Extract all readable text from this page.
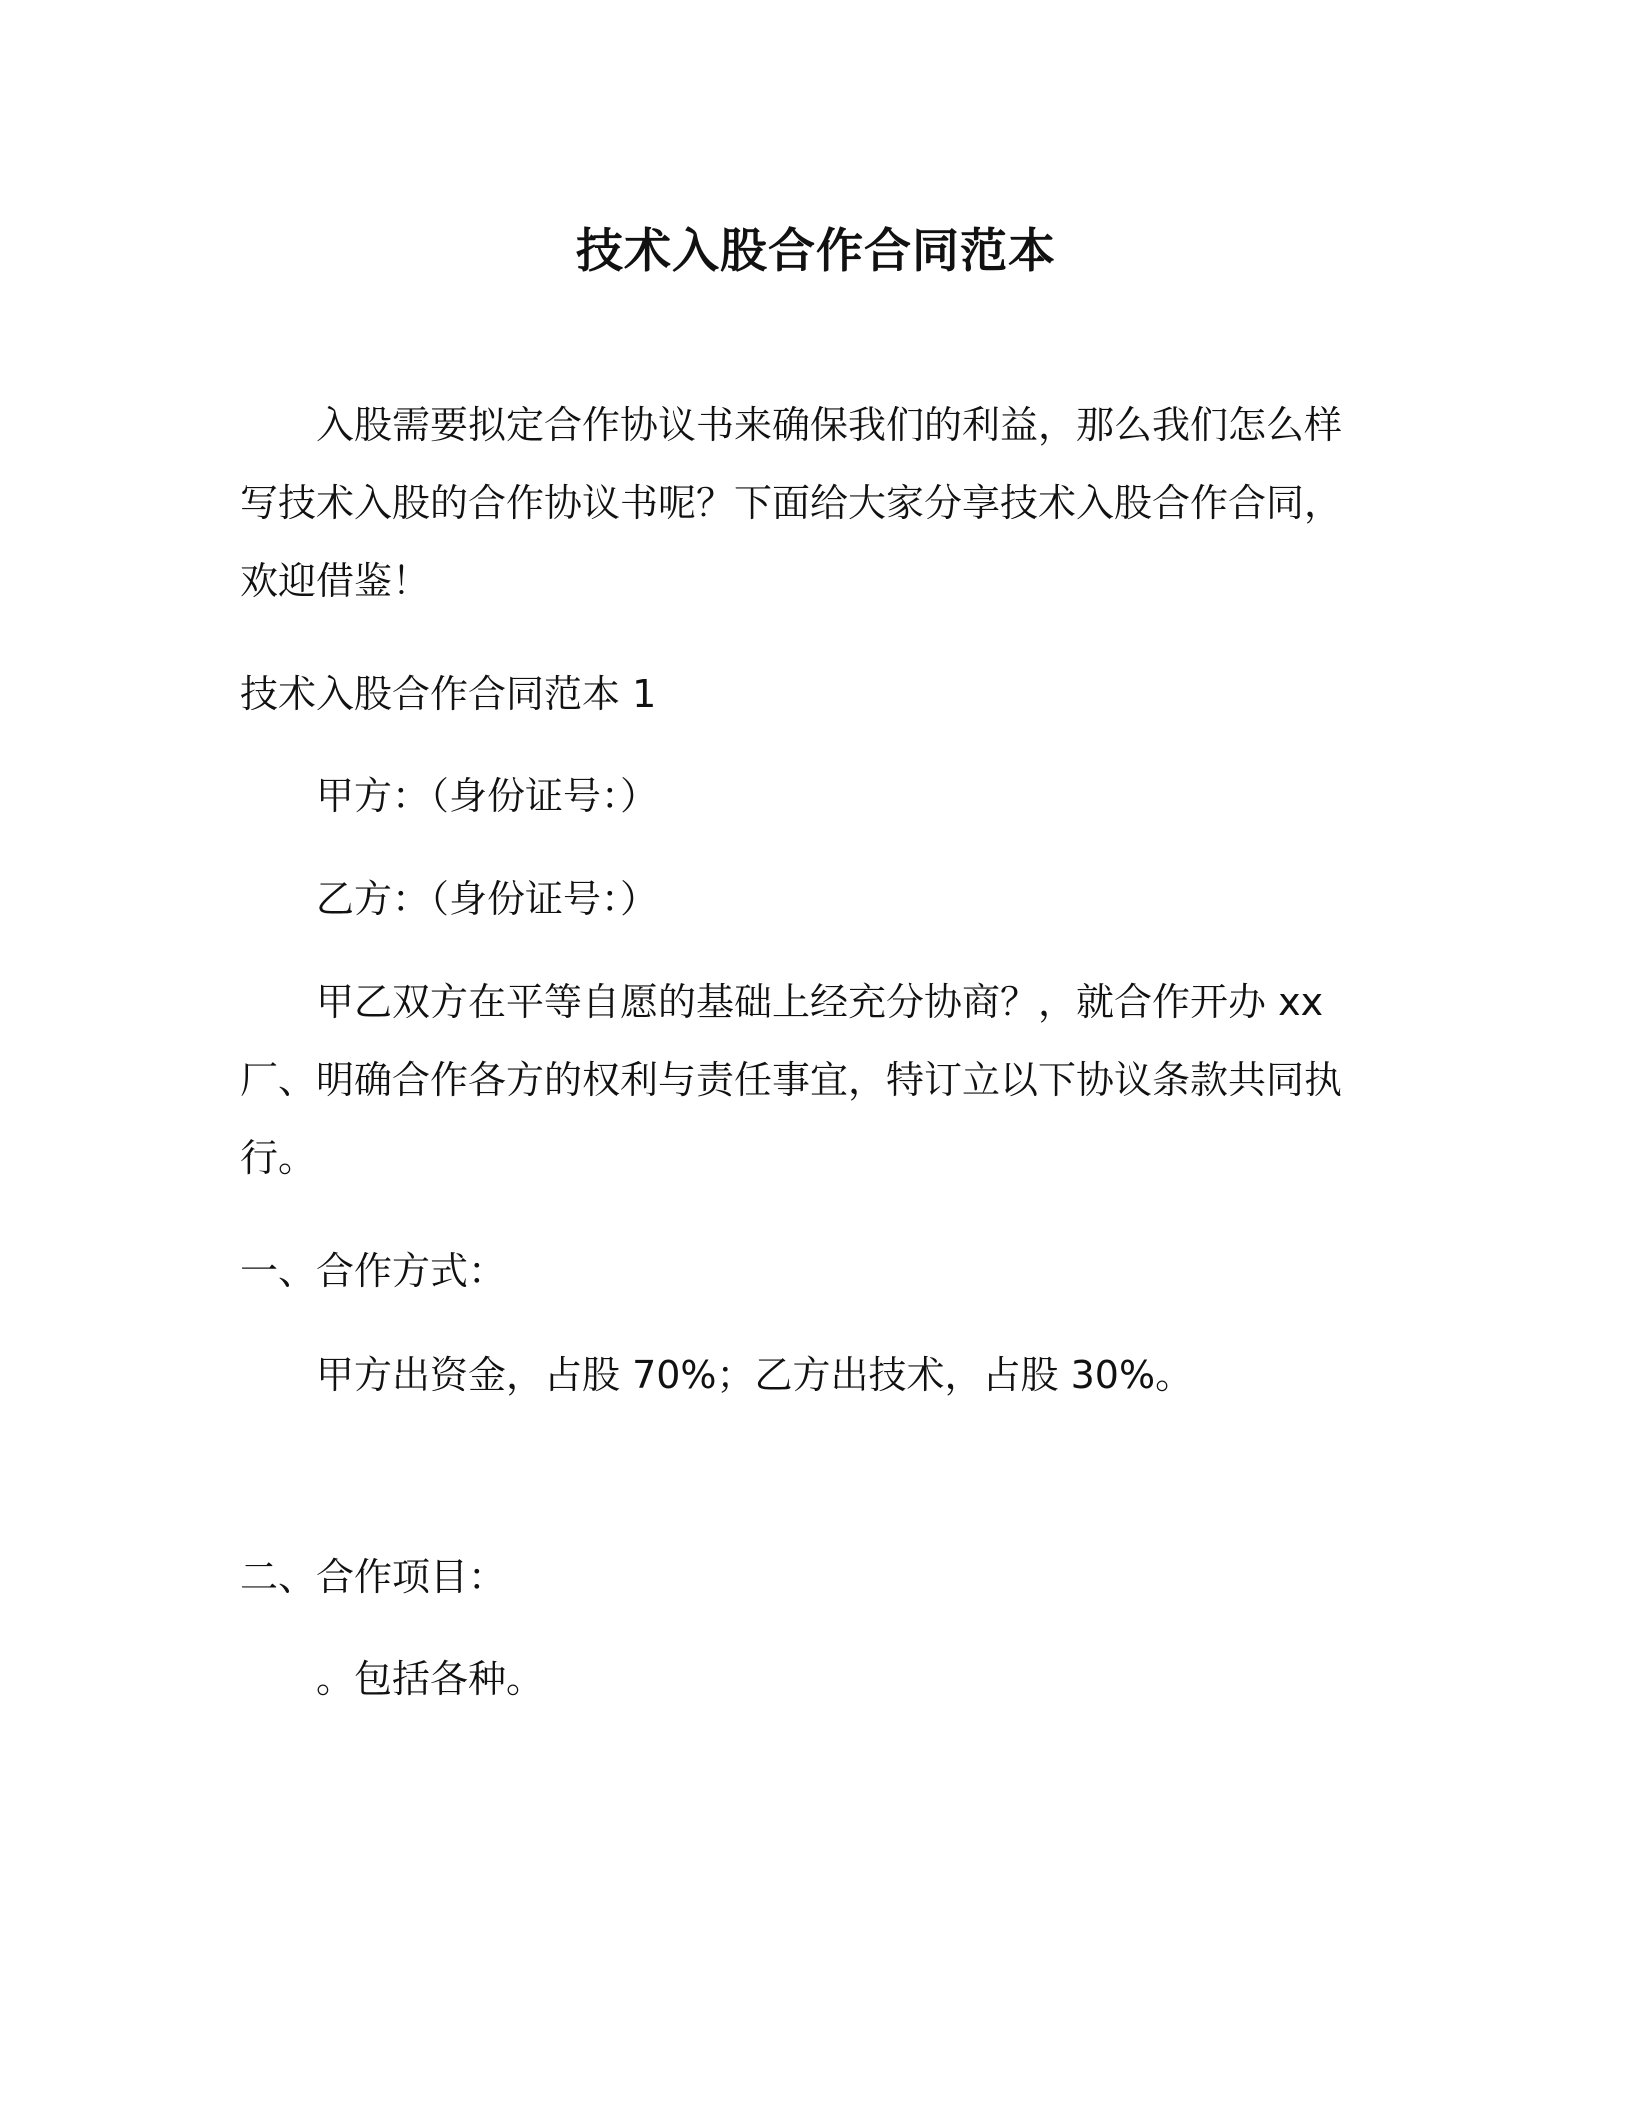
技术入股合作合同范本

入股需要拟定合作协议书来确保我们的利益，那么我们怎么样写技术入股的合作协议书呢？下面给大家分享技术入股合作合同，欢迎借鉴！

技术入股合作合同范本 1

甲方：（身份证号：）

乙方：（身份证号：）

甲乙双方在平等自愿的基础上经充分协商？，就合作开办 xx 厂、明确合作各方的权利与责任事宜，特订立以下协议条款共同执行。

一、合作方式：

甲方出资金，占股 70%；乙方出技术，占股 30%。

二、合作项目：

。包括各种。
